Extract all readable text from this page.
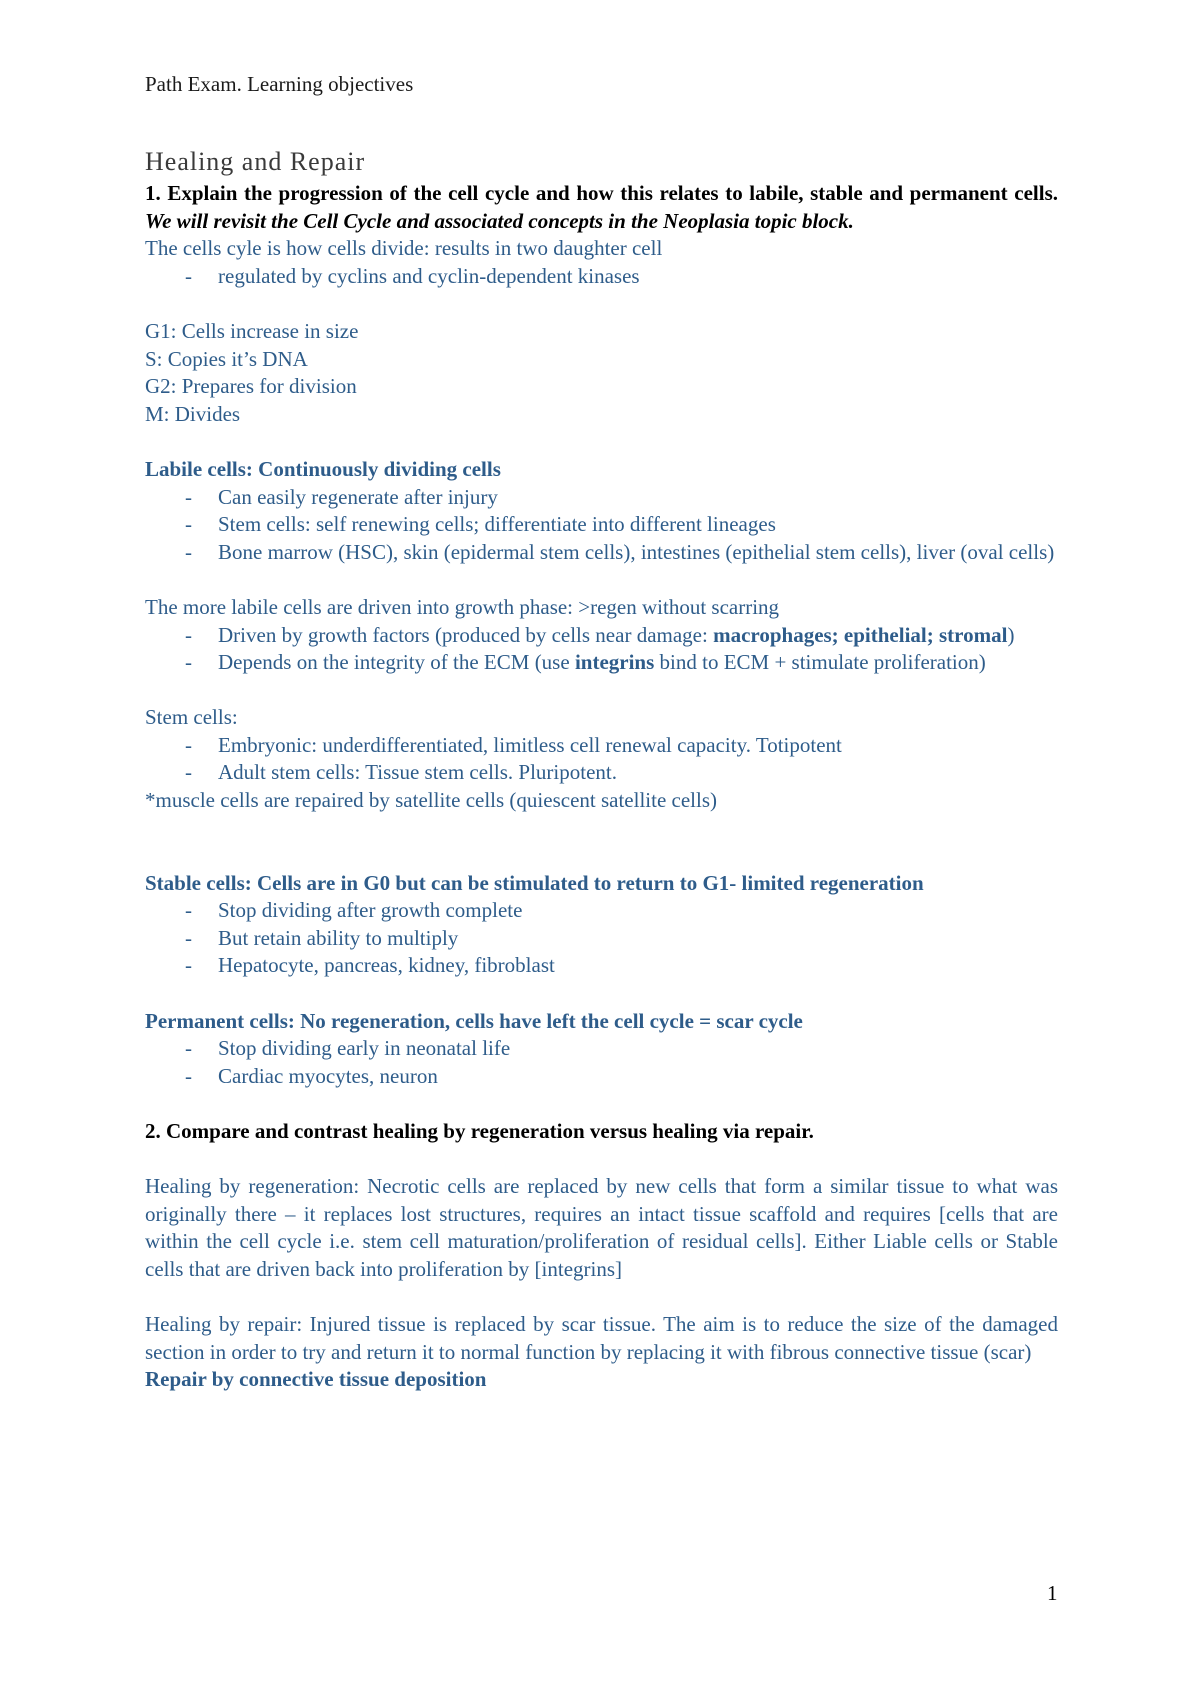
Path Exam. Learning objectives
Healing and Repair

1. Explain the progression of the cell cycle and how this relates to labile, stable and permanent cells. We will revisit the Cell Cycle and associated concepts in the Neoplasia topic block.

The cells cyle is how cells divide: results in two daughter cell

- regulated by cyclins and cyclin-dependent kinases

G1: Cells increase in size

S: Copies it’s DNA

G2: Prepares for division

M: Divides

Labile cells: Continuously dividing cells

- Can easily regenerate after injury
- Stem cells: self renewing cells; differentiate into different lineages
- Bone marrow (HSC), skin (epidermal stem cells), intestines (epithelial stem cells), liver (oval cells)

The more labile cells are driven into growth phase: >regen without scarring

- Driven by growth factors (produced by cells near damage: macrophages; epithelial; stromal)
- Depends on the integrity of the ECM (use integrins bind to ECM + stimulate proliferation)

Stem cells:

- Embryonic: underdifferentiated, limitless cell renewal capacity. Totipotent
- Adult stem cells: Tissue stem cells. Pluripotent.

*muscle cells are repaired by satellite cells (quiescent satellite cells)

Stable cells: Cells are in G0 but can be stimulated to return to G1- limited regeneration

- Stop dividing after growth complete
- But retain ability to multiply
- Hepatocyte, pancreas, kidney, fibroblast

Permanent cells: No regeneration, cells have left the cell cycle = scar cycle

- Stop dividing early in neonatal life
- Cardiac myocytes, neuron

2. Compare and contrast healing by regeneration versus healing via repair.

Healing by regeneration: Necrotic cells are replaced by new cells that form a similar tissue to what was originally there – it replaces lost structures, requires an intact tissue scaffold and requires [cells that are within the cell cycle i.e. stem cell maturation/proliferation of residual cells]. Either Liable cells or Stable cells that are driven back into proliferation by [integrins]

Healing by repair: Injured tissue is replaced by scar tissue. The aim is to reduce the size of the damaged section in order to try and return it to normal function by replacing it with fibrous connective tissue (scar)

Repair by connective tissue deposition

1
